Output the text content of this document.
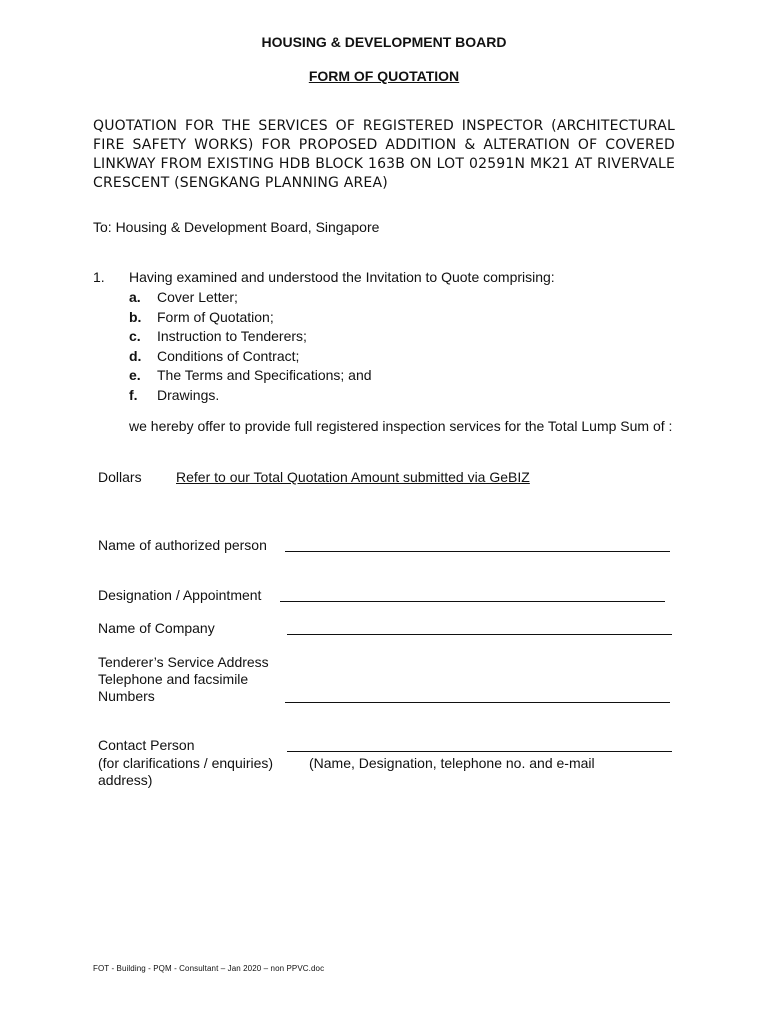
HOUSING & DEVELOPMENT BOARD
FORM OF QUOTATION
QUOTATION FOR THE SERVICES OF REGISTERED INSPECTOR (ARCHITECTURAL FIRE SAFETY WORKS) FOR PROPOSED ADDITION & ALTERATION OF COVERED LINKWAY FROM EXISTING HDB BLOCK 163B ON LOT 02591N MK21 AT RIVERVALE CRESCENT (SENGKANG PLANNING AREA)
To: Housing & Development Board, Singapore
1. Having examined and understood the Invitation to Quote comprising:
a. Cover Letter;
b. Form of Quotation;
c. Instruction to Tenderers;
d. Conditions of Contract;
e. The Terms and Specifications; and
f. Drawings.
we hereby offer to provide full registered inspection services for the Total Lump Sum of :
Dollars Refer to our Total Quotation Amount submitted via GeBIZ
Name of authorized person
Designation / Appointment
Name of Company
Tenderer’s Service Address
Telephone and facsimile
Numbers
Contact Person
(for clarifications / enquiries)	(Name, Designation, telephone no. and e-mail
address)
FOT - Building - PQM - Consultant – Jan 2020 – non PPVC.doc
